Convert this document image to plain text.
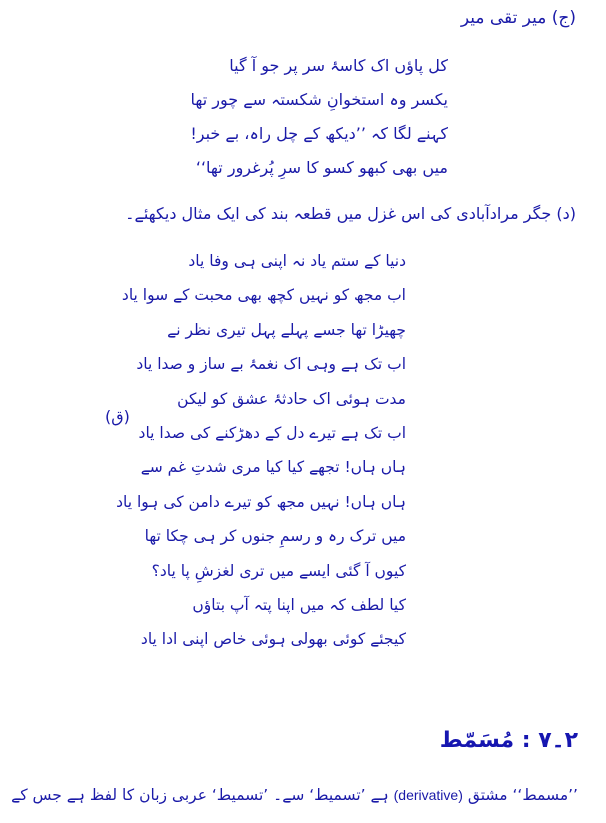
(ج) میر تقی میر
کل پاؤں اک کاسۂ سر پر جو آ گیا
یکسر وہ استخوانِ شکستہ سے چور تھا
کہنے لگا کہ ’’دیکھ کے چل راہ، بے خبر!
میں بھی کبھو کسو کا سرِ پُرغرور تھا‘‘
(د) جگر مرادآبادی کی اس غزل میں قطعہ بند کی ایک مثال دیکھئے۔
دنیا کے ستم یاد نہ اپنی ہی وفا یاد
اب مجھ کو نہیں کچھ بھی محبت کے سوا یاد
چھیڑا تھا جسے پہلے پہل تیری نظر نے
اب تک ہے وہی اک نغمۂ بے ساز و صدا یاد
مدت ہوئی اک حادثۂ عشق کو لیکن
اب تک ہے تیرے دل کے دھڑکنے کی صدا یاد
ہاں ہاں! تجھے کیا کیا مری شدتِ غم سے
ہاں ہاں! نہیں مجھ کو تیرے دامن کی ہوا یاد
میں ترک رہ و رسمِ جنوں کر ہی چکا تھا
کیوں آ گئی ایسے میں تری لغزشِ پا یاد؟
کیا لطف کہ میں اپنا پتہ آپ بتاؤں
کیجئے کوئی بھولی ہوئی خاص اپنی ادا یاد
(ق)
۲۔۷ : مُسَمّط
’’مسمط‘‘ مشتق (derivative) ہے ’تسمیط‘ سے۔ ’تسمیط‘ عربی زبان کا لفظ ہے جس کے
